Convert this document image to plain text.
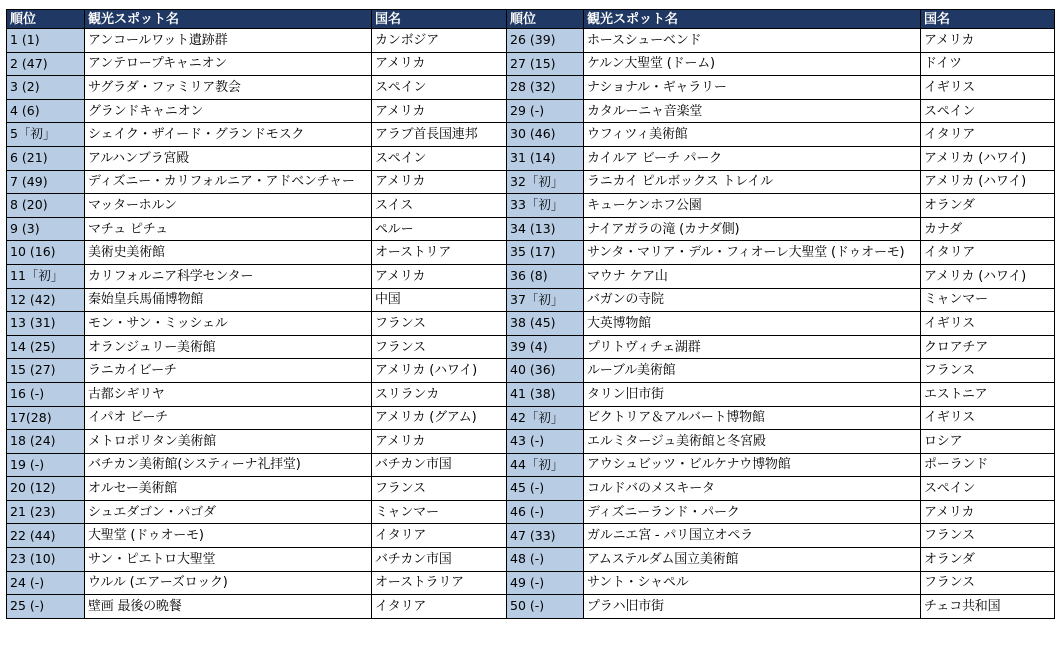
順位	観光スポット名	国名	順位	観光スポット名	国名
1 (1)	アンコールワット遺跡群	カンボジア	26 (39)	ホースシューベンド	アメリカ
2 (47)	アンテロープキャニオン	アメリカ	27 (15)	ケルン大聖堂 (ドーム)	ドイツ
3 (2)	サグラダ・ファミリア教会	スペイン	28 (32)	ナショナル・ギャラリー	イギリス
4 (6)	グランドキャニオン	アメリカ	29 (-)	カタルーニャ音楽堂	スペイン
5「初」	シェイク・ザイード・グランドモスク	アラブ首長国連邦	30 (46)	ウフィツィ美術館	イタリア
6 (21)	アルハンブラ宮殿	スペイン	31 (14)	カイルア ビーチ パーク	アメリカ (ハワイ)
7 (49)	ディズニー・カリフォルニア・アドベンチャー	アメリカ	32「初」	ラニカイ ピルボックス トレイル	アメリカ (ハワイ)
8 (20)	マッターホルン	スイス	33「初」	キューケンホフ公園	オランダ
9 (3)	マチュ ピチュ	ペルー	34 (13)	ナイアガラの滝 (カナダ側)	カナダ
10 (16)	美術史美術館	オーストリア	35 (17)	サンタ・マリア・デル・フィオーレ大聖堂 (ドゥオーモ)	イタリア
11「初」	カリフォルニア科学センター	アメリカ	36 (8)	マウナ ケア山	アメリカ (ハワイ)
12 (42)	秦始皇兵馬俑博物館	中国	37「初」	バガンの寺院	ミャンマー
13 (31)	モン・サン・ミッシェル	フランス	38 (45)	大英博物館	イギリス
14 (25)	オランジュリー美術館	フランス	39 (4)	プリトヴィチェ湖群	クロアチア
15 (27)	ラニカイビーチ	アメリカ (ハワイ)	40 (36)	ルーブル美術館	フランス
16 (-)	古都シギリヤ	スリランカ	41 (38)	タリン旧市街	エストニア
17(28)	イパオ ビーチ	アメリカ (グアム)	42「初」	ビクトリア＆アルバート博物館	イギリス
18 (24)	メトロポリタン美術館	アメリカ	43 (-)	エルミタージュ美術館と冬宮殿	ロシア
19 (-)	バチカン美術館(システィーナ礼拝堂)	バチカン市国	44「初」	アウシュビッツ・ビルケナウ博物館	ポーランド
20 (12)	オルセー美術館	フランス	45 (-)	コルドバのメスキータ	スペイン
21 (23)	シュエダゴン・パゴダ	ミャンマー	46 (-)	ディズニーランド・パーク	アメリカ
22 (44)	大聖堂 (ドゥオーモ)	イタリア	47 (33)	ガルニエ宮 - パリ国立オペラ	フランス
23 (10)	サン・ピエトロ大聖堂	バチカン市国	48 (-)	アムステルダム国立美術館	オランダ
24 (-)	ウルル (エアーズロック)	オーストラリア	49 (-)	サント・シャペル	フランス
25 (-)	壁画 最後の晩餐	イタリア	50 (-)	プラハ旧市街	チェコ共和国
